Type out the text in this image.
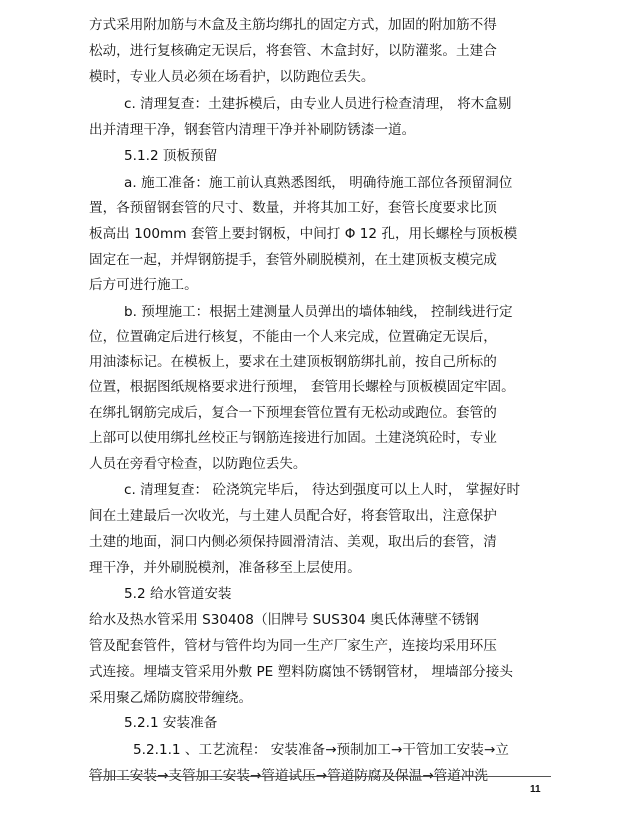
方式采用附加筋与木盒及主筋均绑扎的固定方式，加固的附加筋不得
松动，进行复核确定无误后，将套管、木盒封好，以防灌浆。土建合
模时，专业人员必须在场看护，以防跑位丢失。
c. 清理复查：土建拆模后，由专业人员进行检查清理， 将木盒剔
出并清理干净，钢套管内清理干净并补刷防锈漆一道。
5.1.2 顶板预留
a. 施工准备：施工前认真熟悉图纸， 明确待施工部位各预留洞位
置，各预留钢套管的尺寸、数量，并将其加工好，套管长度要求比顶
板高出 100mm 套管上要封钢板，中间打 Φ 12 孔，用长螺栓与顶板模
固定在一起，并焊钢筋提手，套管外刷脱模剂，在土建顶板支模完成
后方可进行施工。
b. 预埋施工：根据土建测量人员弹出的墙体轴线， 控制线进行定
位，位置确定后进行核复，不能由一个人来完成，位置确定无误后，
用油漆标记。在模板上，要求在土建顶板钢筋绑扎前，按自己所标的
位置，根据图纸规格要求进行预埋， 套管用长螺栓与顶板模固定牢固。
在绑扎钢筋完成后，复合一下预埋套管位置有无松动或跑位。套管的
上部可以使用绑扎丝校正与钢筋连接进行加固。土建浇筑砼时，专业
人员在旁看守检查，以防跑位丢失。
c. 清理复查： 砼浇筑完毕后， 待达到强度可以上人时， 掌握好时
间在土建最后一次收光，与土建人员配合好，将套管取出，注意保护
土建的地面，洞口内侧必须保持圆滑清洁、美观，取出后的套管，清
理干净，并外刷脱模剂，准备移至上层使用。
5.2 给水管道安装
给水及热水管采用 S30408（旧牌号 SUS304 奥氏体薄壁不锈钢
管及配套管件，管材与管件均为同一生产厂家生产，连接均采用环压
式连接。埋墙支管采用外敷 PE 塑料防腐蚀不锈钢管材， 埋墙部分接头
采用聚乙烯防腐胶带缠绕。
5.2.1 安装准备
5.2.1.1 、工艺流程： 安装准备→预制加工→干管加工安装→立
管加工安装→支管加工安装→管道试压→管道防腐及保温→管道冲洗
11
